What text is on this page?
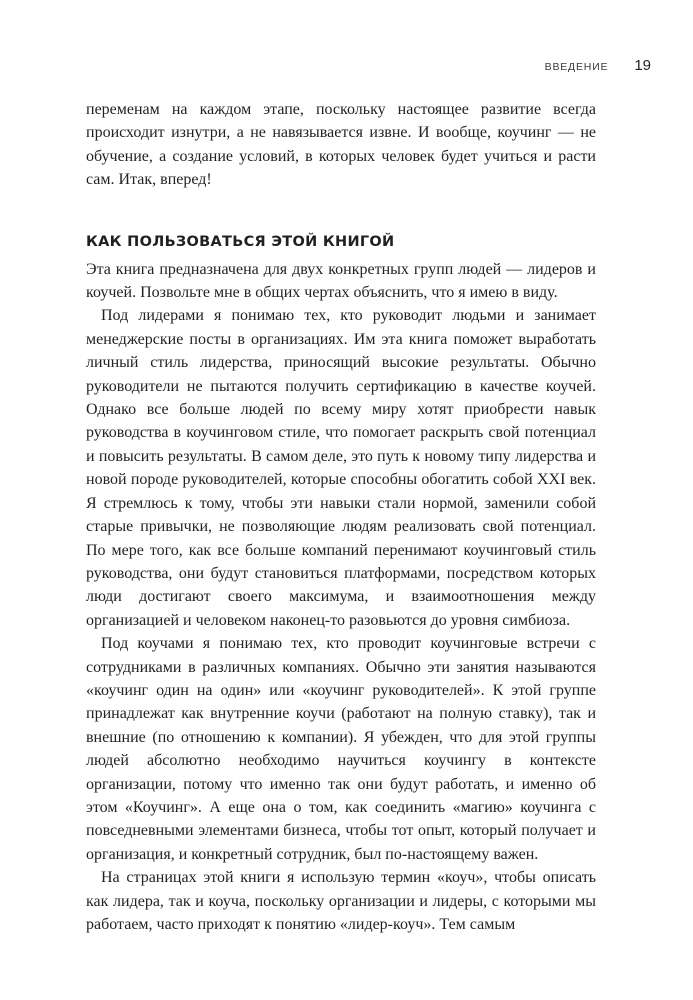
ВВЕДЕНИЕ 19

переменам на каждом этапе, поскольку настоящее развитие всегда происходит изнутри, а не навязывается извне. И вообще, коучинг — не обучение, а создание условий, в которых человек будет учиться и расти сам. Итак, вперед!

КАК ПОЛЬЗОВАТЬСЯ ЭТОЙ КНИГОЙ

Эта книга предназначена для двух конкретных групп людей — лидеров и коучей. Позвольте мне в общих чертах объяснить, что я имею в виду.

Под лидерами я понимаю тех, кто руководит людьми и занимает менеджерские посты в организациях. Им эта книга поможет выработать личный стиль лидерства, приносящий высокие результаты. Обычно руководители не пытаются получить сертификацию в качестве коучей. Однако все больше людей по всему миру хотят приобрести навык руководства в коучинговом стиле, что помогает раскрыть свой потенциал и повысить результаты. В самом деле, это путь к новому типу лидерства и новой породе руководителей, которые способны обогатить собой XXI век. Я стремлюсь к тому, чтобы эти навыки стали нормой, заменили собой старые привычки, не позволяющие людям реализовать свой потенциал. По мере того, как все больше компаний перенимают коучинговый стиль руководства, они будут становиться платформами, посредством которых люди достигают своего максимума, и взаимоотношения между организацией и человеком наконец-то разовьются до уровня симбиоза.

Под коучами я понимаю тех, кто проводит коучинговые встречи с сотрудниками в различных компаниях. Обычно эти занятия называются «коучинг один на один» или «коучинг руководителей». К этой группе принадлежат как внутренние коучи (работают на полную ставку), так и внешние (по отношению к компании). Я убежден, что для этой группы людей абсолютно необходимо научиться коучингу в контексте организации, потому что именно так они будут работать, и именно об этом «Коучинг». А еще она о том, как соединить «магию» коучинга с повседневными элементами бизнеса, чтобы тот опыт, который получает и организация, и конкретный сотрудник, был по-настоящему важен.

На страницах этой книги я использую термин «коуч», чтобы описать как лидера, так и коуча, поскольку организации и лидеры, с которыми мы работаем, часто приходят к понятию «лидер-коуч». Тем самым
